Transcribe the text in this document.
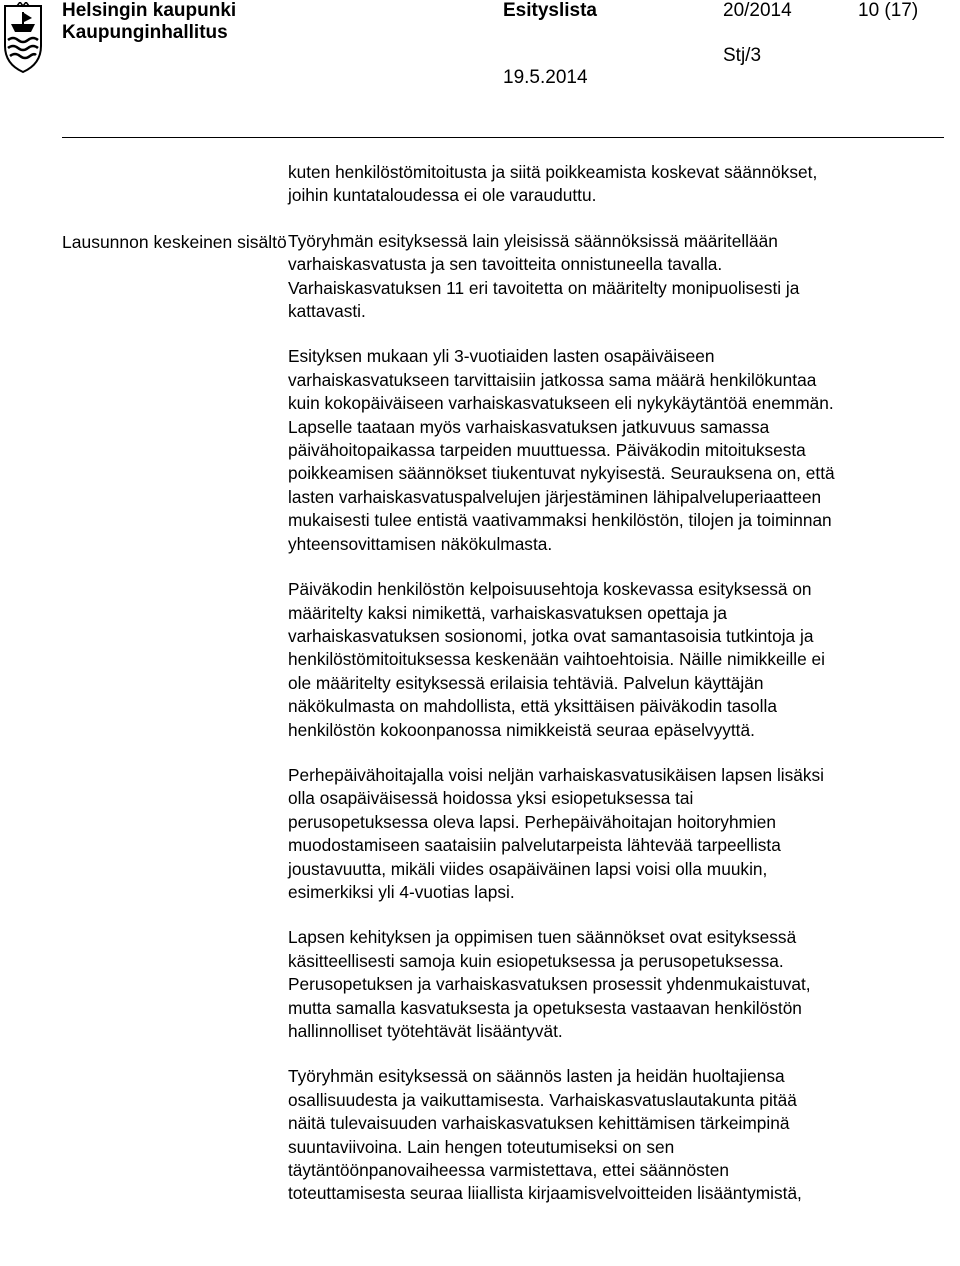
Helsingin kaupunki
Kaupunginhallitus
Esityslista	20/2014	10 (17)
Stj/3
19.5.2014
Lausunnon keskeinen sisältö

kuten henkilöstömitoitusta ja siitä poikkeamista koskevat säännökset,
joihin kuntataloudessa ei ole varauduttu.

Työryhmän esityksessä lain yleisissä säännöksissä määritellään
varhaiskasvatusta ja sen tavoitteita onnistuneella tavalla.
Varhaiskasvatuksen 11 eri tavoitetta on määritelty monipuolisesti ja
kattavasti.

Esityksen mukaan yli 3-vuotiaiden lasten osapäiväiseen
varhaiskasvatukseen tarvittaisiin jatkossa sama määrä henkilökuntaa
kuin kokopäiväiseen varhaiskasvatukseen eli nykykäytäntöä enemmän.
Lapselle taataan myös varhaiskasvatuksen jatkuvuus samassa
päivähoitopaikassa tarpeiden muuttuessa. Päiväkodin mitoituksesta
poikkeamisen säännökset tiukentuvat nykyisestä. Seurauksena on, että
lasten varhaiskasvatuspalvelujen järjestäminen lähipalveluperiaatteen
mukaisesti tulee entistä vaativammaksi henkilöstön, tilojen ja toiminnan
yhteensovittamisen näkökulmasta.

Päiväkodin henkilöstön kelpoisuusehtoja koskevassa esityksessä on
määritelty kaksi nimikettä, varhaiskasvatuksen opettaja ja
varhaiskasvatuksen sosionomi, jotka ovat samantasoisia tutkintoja ja
henkilöstömitoituksessa keskenään vaihtoehtoisia. Näille nimikkeille ei
ole määritelty esityksessä erilaisia tehtäviä. Palvelun käyttäjän
näkökulmasta on mahdollista, että yksittäisen päiväkodin tasolla
henkilöstön kokoonpanossa nimikkeistä seuraa epäselvyyttä.

Perhepäivähoitajalla voisi neljän varhaiskasvatusikäisen lapsen lisäksi
olla osapäiväisessä hoidossa yksi esiopetuksessa tai
perusopetuksessa oleva lapsi. Perhepäivähoitajan hoitoryhmien
muodostamiseen saataisiin palvelutarpeista lähtevää tarpeellista
joustavuutta, mikäli viides osapäiväinen lapsi voisi olla muukin,
esimerkiksi yli 4-vuotias lapsi.

Lapsen kehityksen ja oppimisen tuen säännökset ovat esityksessä
käsitteellisesti samoja kuin esiopetuksessa ja perusopetuksessa.
Perusopetuksen ja varhaiskasvatuksen prosessit yhdenmukaistuvat,
mutta samalla kasvatuksesta ja opetuksesta vastaavan henkilöstön
hallinnolliset työtehtävät lisääntyvät.

Työryhmän esityksessä on säännös lasten ja heidän huoltajiensa
osallisuudesta ja vaikuttamisesta. Varhaiskasvatuslautakunta pitää
näitä tulevaisuuden varhaiskasvatuksen kehittämisen tärkeimpinä
suuntaviivoina. Lain hengen toteutumiseksi on sen
täytäntöönpanovaiheessa varmistettava, ettei säännösten
toteuttamisesta seuraa liiallista kirjaamisvelvoitteiden lisääntymistä,
